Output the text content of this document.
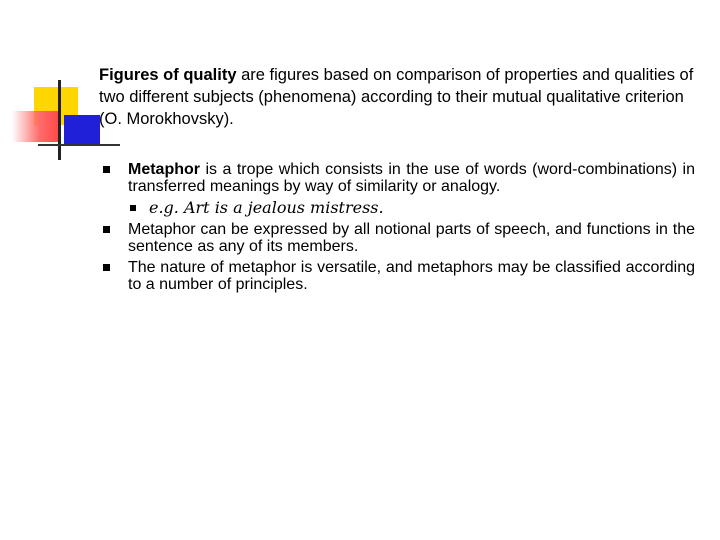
Figures of quality are figures based on comparison of properties and qualities of two different subjects (phenomena) according to their mutual qualitative criterion (O. Morokhovsky).

Metaphor is a trope which consists in the use of words (word-combinations) in transferred meanings by way of similarity or analogy.

e.g. Art is a jealous mistress.

Metaphor can be expressed by all notional parts of speech, and functions in the sentence as any of its members.

The nature of metaphor is versatile, and metaphors may be classified according to a number of principles.
